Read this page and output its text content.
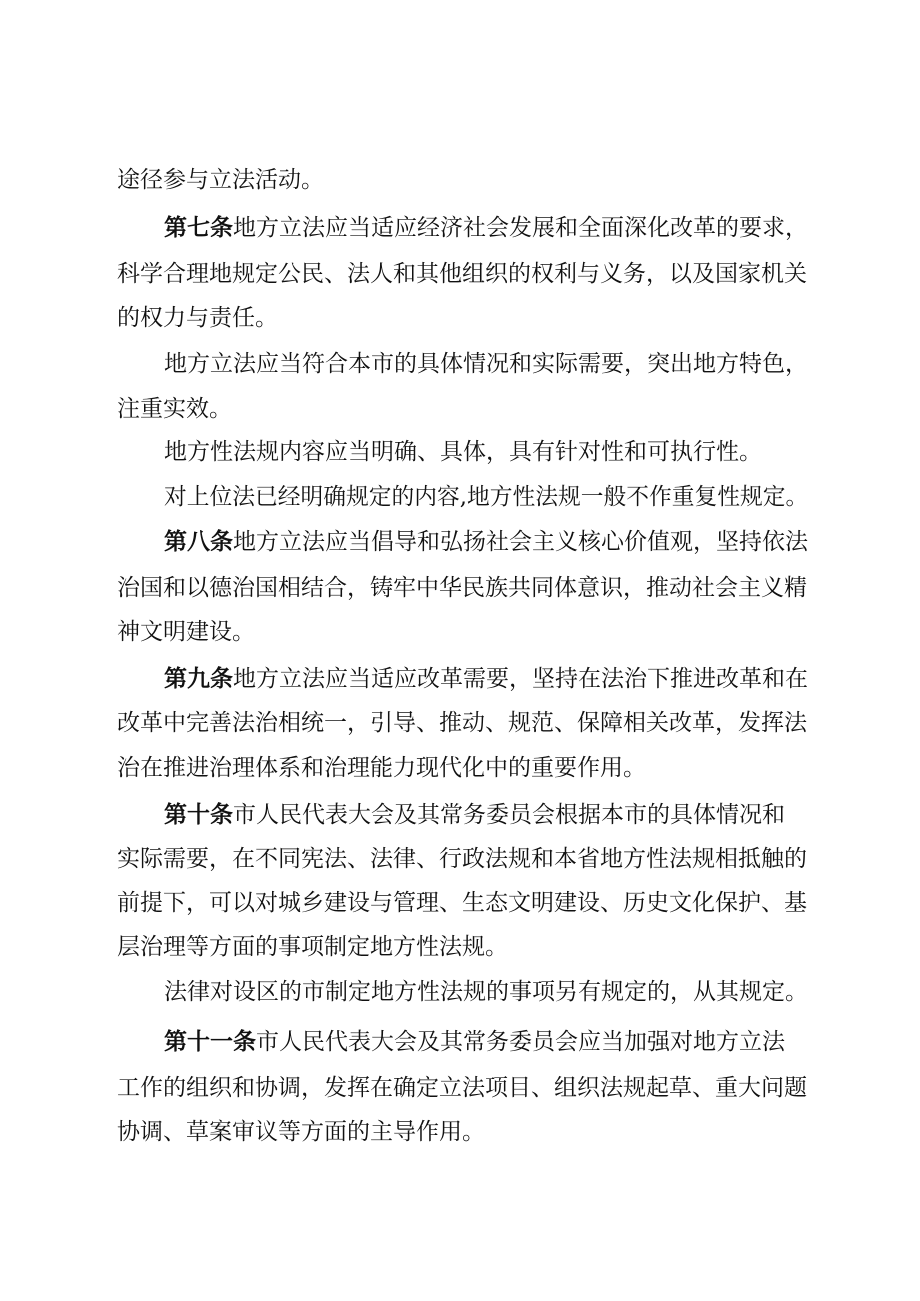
途径参与立法活动。
第七条地方立法应当适应经济社会发展和全面深化改革的要求，
科学合理地规定公民、法人和其他组织的权利与义务，以及国家机关
的权力与责任。
地方立法应当符合本市的具体情况和实际需要，突出地方特色，
注重实效。
地方性法规内容应当明确、具体，具有针对性和可执行性。
对上位法已经明确规定的内容,地方性法规一般不作重复性规定。
第八条地方立法应当倡导和弘扬社会主义核心价值观，坚持依法
治国和以德治国相结合，铸牢中华民族共同体意识，推动社会主义精
神文明建设。
第九条地方立法应当适应改革需要，坚持在法治下推进改革和在
改革中完善法治相统一，引导、推动、规范、保障相关改革，发挥法
治在推进治理体系和治理能力现代化中的重要作用。
第十条市人民代表大会及其常务委员会根据本市的具体情况和
实际需要，在不同宪法、法律、行政法规和本省地方性法规相抵触的
前提下，可以对城乡建设与管理、生态文明建设、历史文化保护、基
层治理等方面的事项制定地方性法规。
法律对设区的市制定地方性法规的事项另有规定的，从其规定。
第十一条市人民代表大会及其常务委员会应当加强对地方立法
工作的组织和协调，发挥在确定立法项目、组织法规起草、重大问题
协调、草案审议等方面的主导作用。
